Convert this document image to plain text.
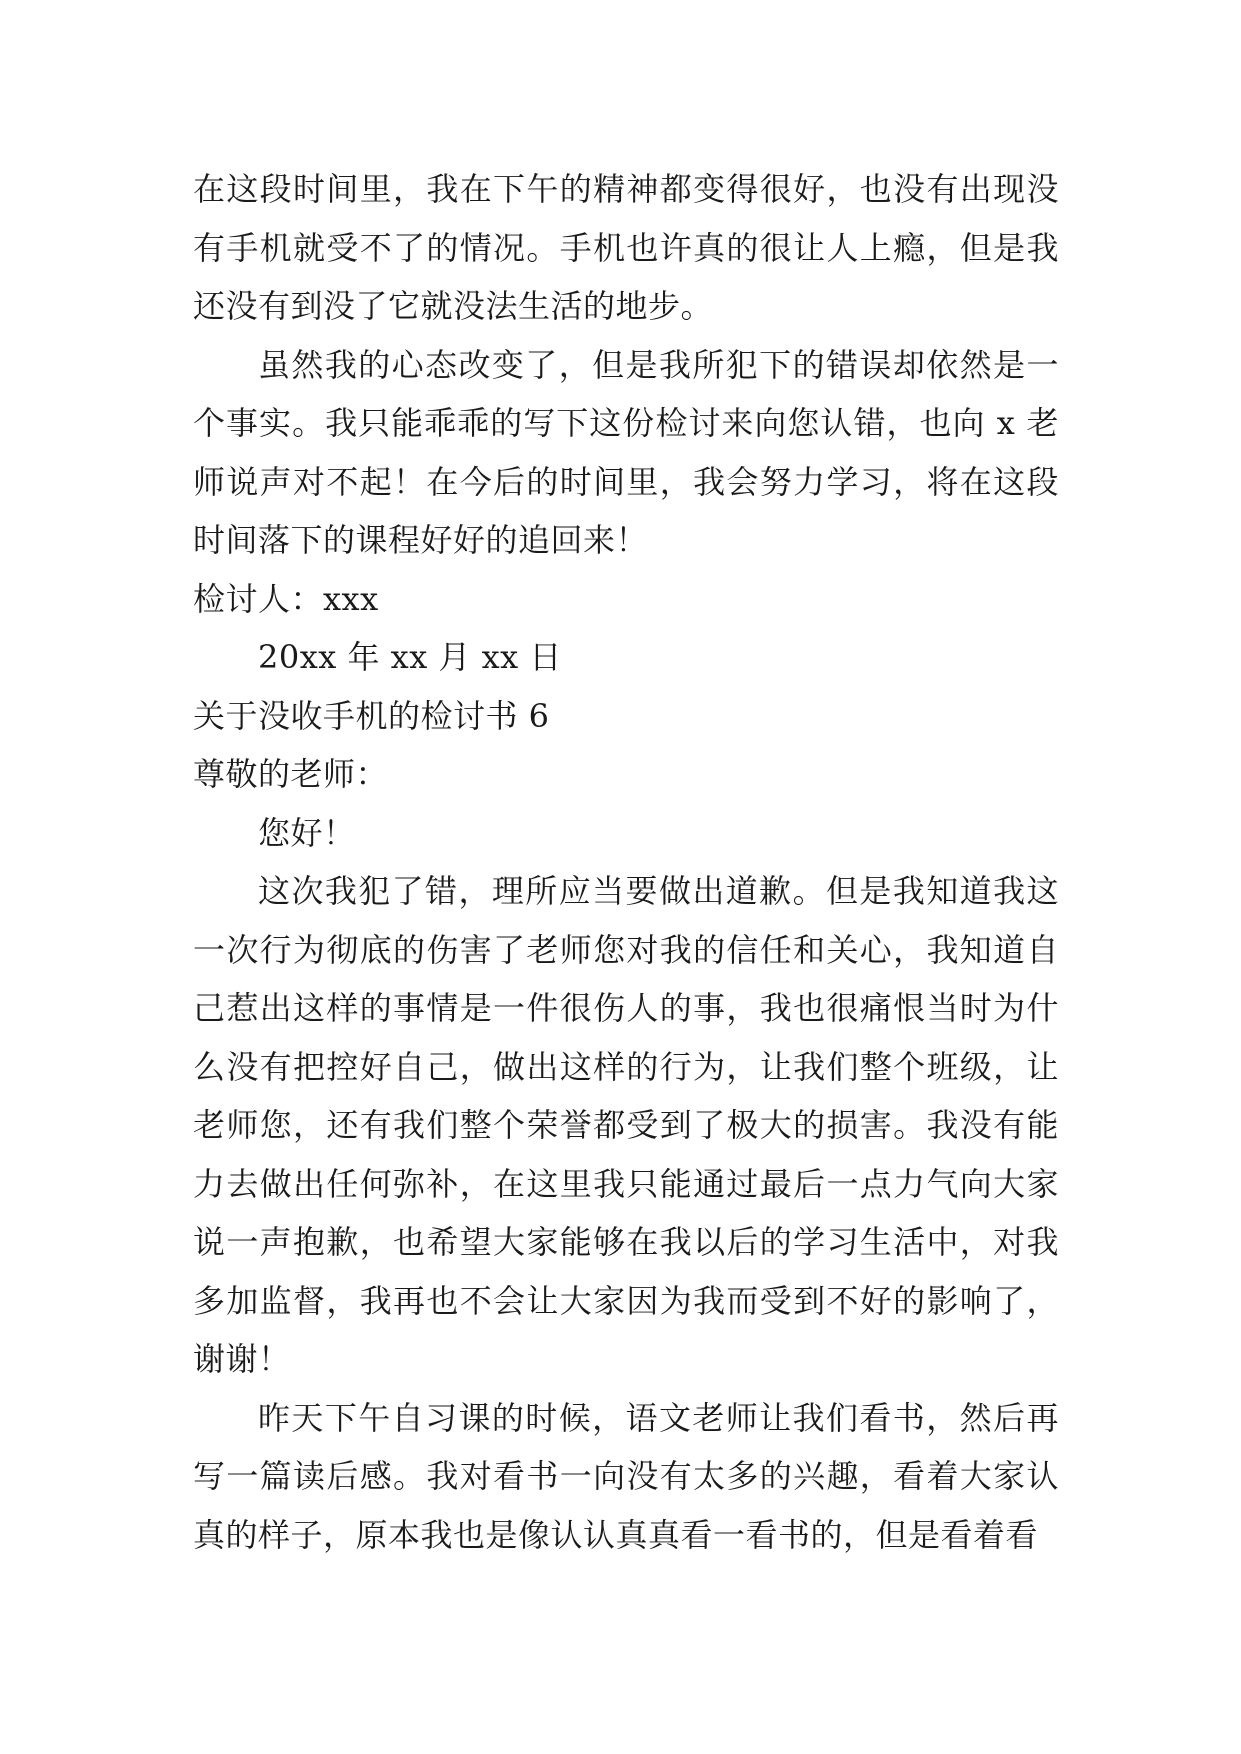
在这段时间里，我在下午的精神都变得很好，也没有出现没
有手机就受不了的情况。手机也许真的很让人上瘾，但是我
还没有到没了它就没法生活的地步。
虽然我的心态改变了，但是我所犯下的错误却依然是一
个事实。我只能乖乖的写下这份检讨来向您认错，也向 x 老
师说声对不起！在今后的时间里，我会努力学习，将在这段
时间落下的课程好好的追回来！
检讨人：xxx
20xx 年 xx 月 xx 日
关于没收手机的检讨书 6
尊敬的老师：
您好！
这次我犯了错，理所应当要做出道歉。但是我知道我这
一次行为彻底的伤害了老师您对我的信任和关心，我知道自
己惹出这样的事情是一件很伤人的事，我也很痛恨当时为什
么没有把控好自己，做出这样的行为，让我们整个班级，让
老师您，还有我们整个荣誉都受到了极大的损害。我没有能
力去做出任何弥补，在这里我只能通过最后一点力气向大家
说一声抱歉，也希望大家能够在我以后的学习生活中，对我
多加监督，我再也不会让大家因为我而受到不好的影响了，
谢谢！
昨天下午自习课的时候，语文老师让我们看书，然后再
写一篇读后感。我对看书一向没有太多的兴趣，看着大家认
真的样子，原本我也是像认认真真看一看书的，但是看着看
